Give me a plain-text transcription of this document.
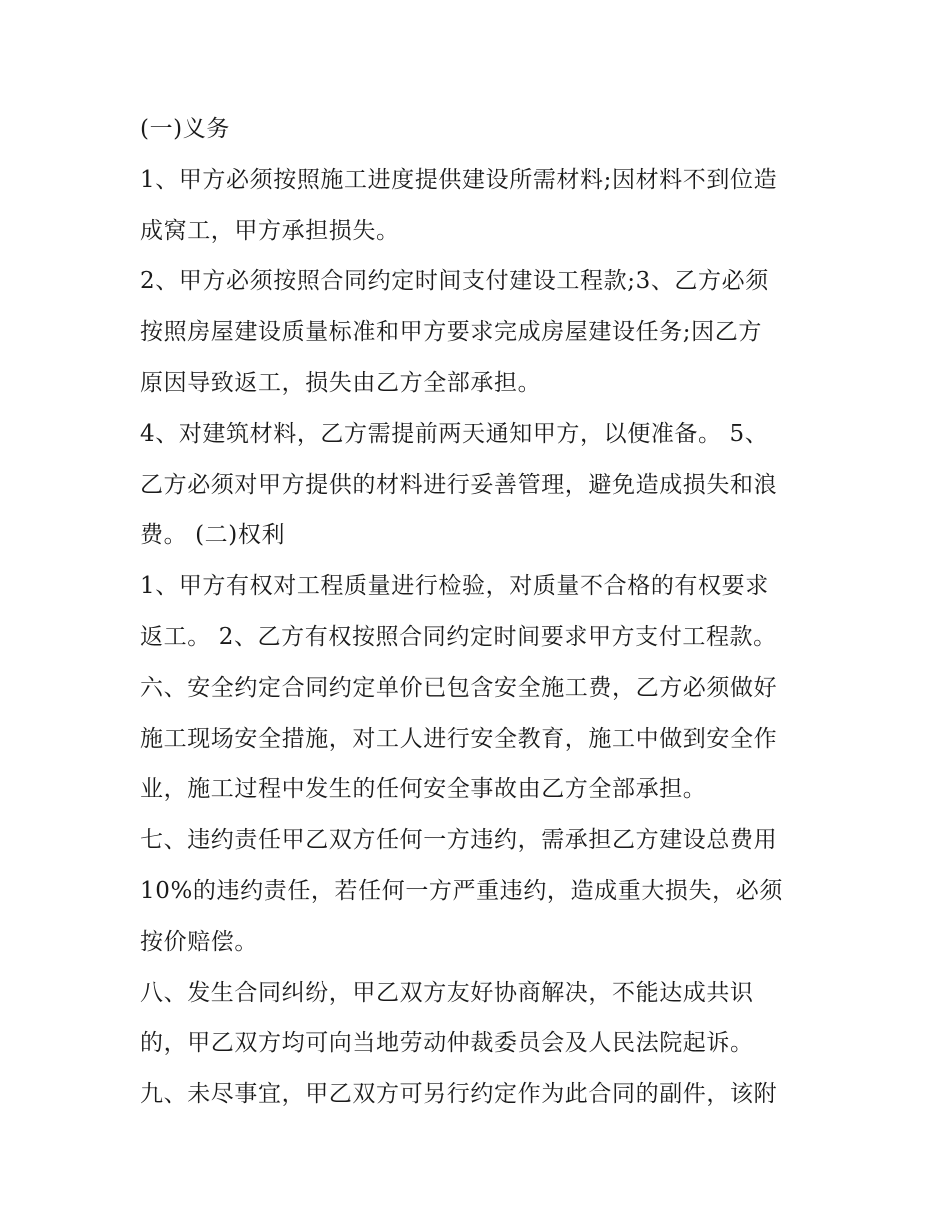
(一)义务
1、甲方必须按照施工进度提供建设所需材料;因材料不到位造
成窝工，甲方承担损失。
2、甲方必须按照合同约定时间支付建设工程款;3、乙方必须
按照房屋建设质量标准和甲方要求完成房屋建设任务;因乙方
原因导致返工，损失由乙方全部承担。
4、对建筑材料，乙方需提前两天通知甲方，以便准备。 5、
乙方必须对甲方提供的材料进行妥善管理，避免造成损失和浪
费。 (二)权利
1、甲方有权对工程质量进行检验，对质量不合格的有权要求
返工。 2、乙方有权按照合同约定时间要求甲方支付工程款。
六、安全约定合同约定单价已包含安全施工费，乙方必须做好
施工现场安全措施，对工人进行安全教育，施工中做到安全作
业，施工过程中发生的任何安全事故由乙方全部承担。
七、违约责任甲乙双方任何一方违约，需承担乙方建设总费用
10%的违约责任，若任何一方严重违约，造成重大损失，必须
按价赔偿。
八、发生合同纠纷，甲乙双方友好协商解决，不能达成共识
的，甲乙双方均可向当地劳动仲裁委员会及人民法院起诉。
九、未尽事宜，甲乙双方可另行约定作为此合同的副件，该附
